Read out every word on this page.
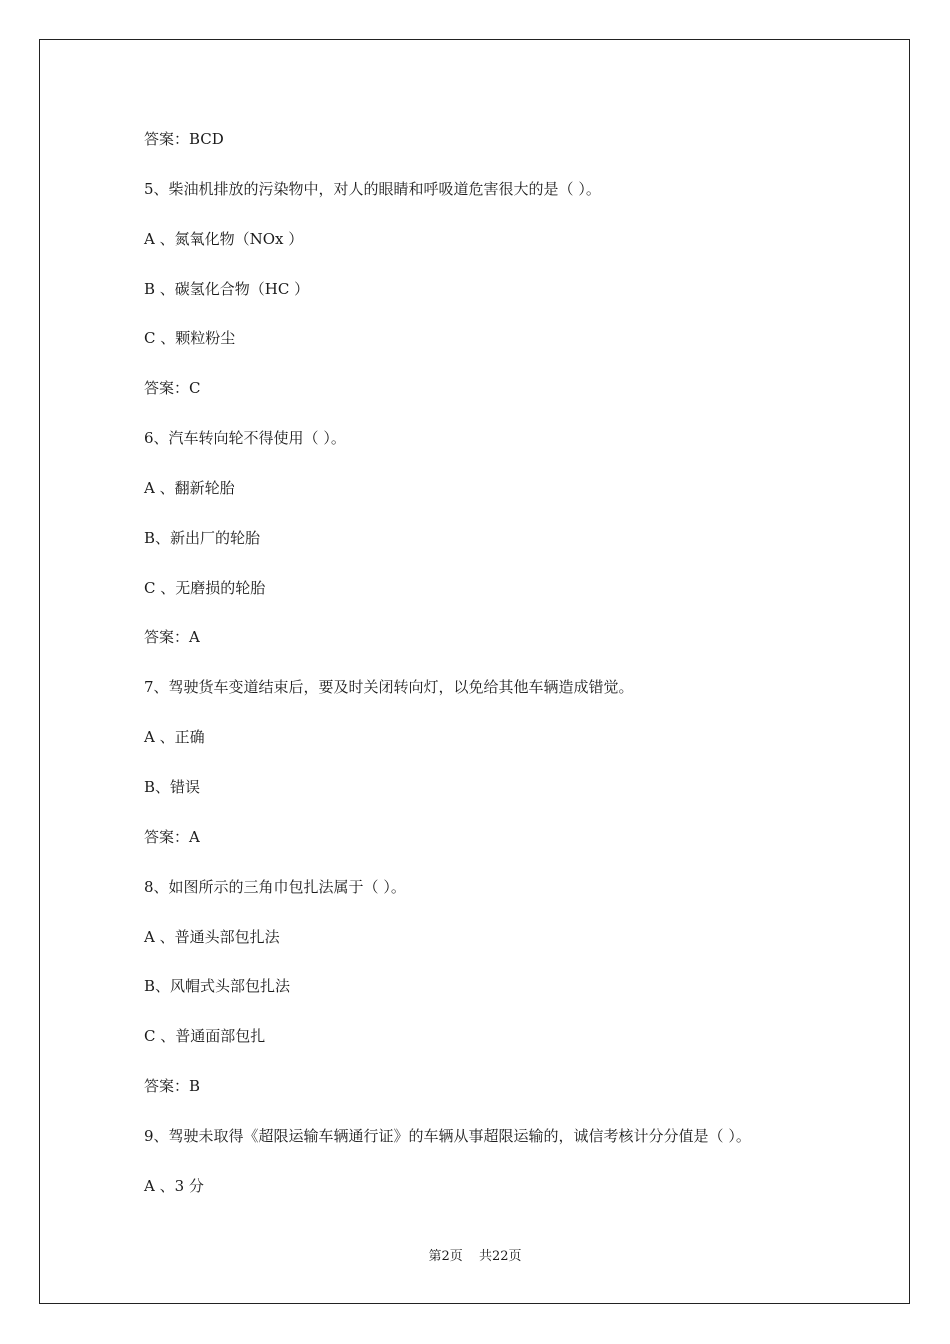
答案：BCD
5、柴油机排放的污染物中，对人的眼睛和呼吸道危害很大的是（ ）。
A 、氮氧化物（NOx ）
B 、碳氢化合物（HC ）
C 、颗粒粉尘
答案：C
6、汽车转向轮不得使用（ ）。
A 、翻新轮胎
B、新出厂的轮胎
C 、无磨损的轮胎
答案：A
7、驾驶货车变道结束后，要及时关闭转向灯，以免给其他车辆造成错觉。
A 、正确
B、错误
答案：A
8、如图所示的三角巾包扎法属于（ ）。
A 、普通头部包扎法
B、风帽式头部包扎法
C 、普通面部包扎
答案：B
9、驾驶未取得《超限运输车辆通行证》的车辆从事超限运输的，诚信考核计分分值是（ ）。
A 、3 分
第2页 共22页
